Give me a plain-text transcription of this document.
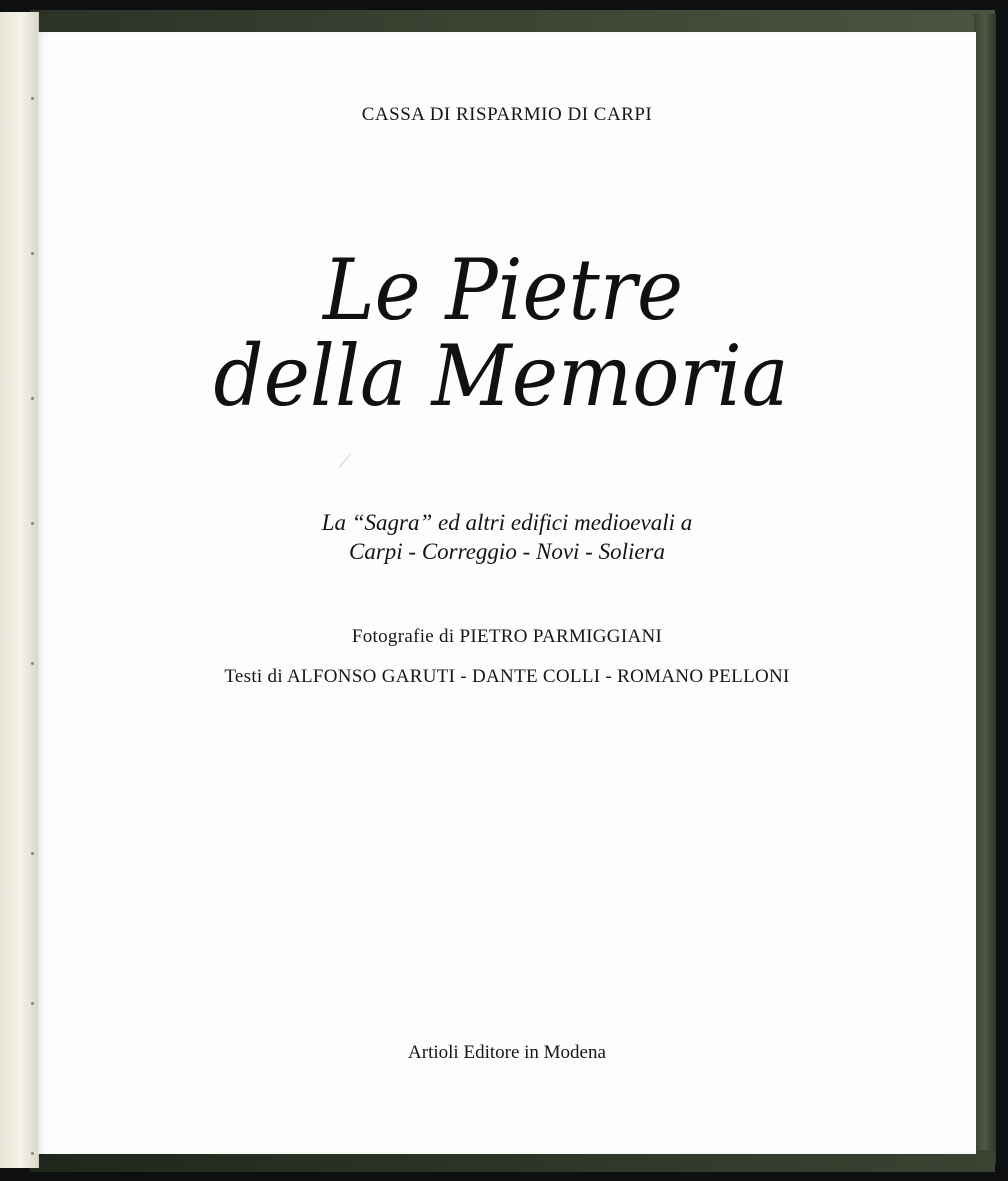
CASSA DI RISPARMIO DI CARPI
Le Pietre
della Memoria
La “Sagra” ed altri edifici medioevali a
Carpi - Correggio - Novi - Soliera
Fotografie di PIETRO PARMIGGIANI
Testi di ALFONSO GARUTI - DANTE COLLI - ROMANO PELLONI
Artioli Editore in Modena
